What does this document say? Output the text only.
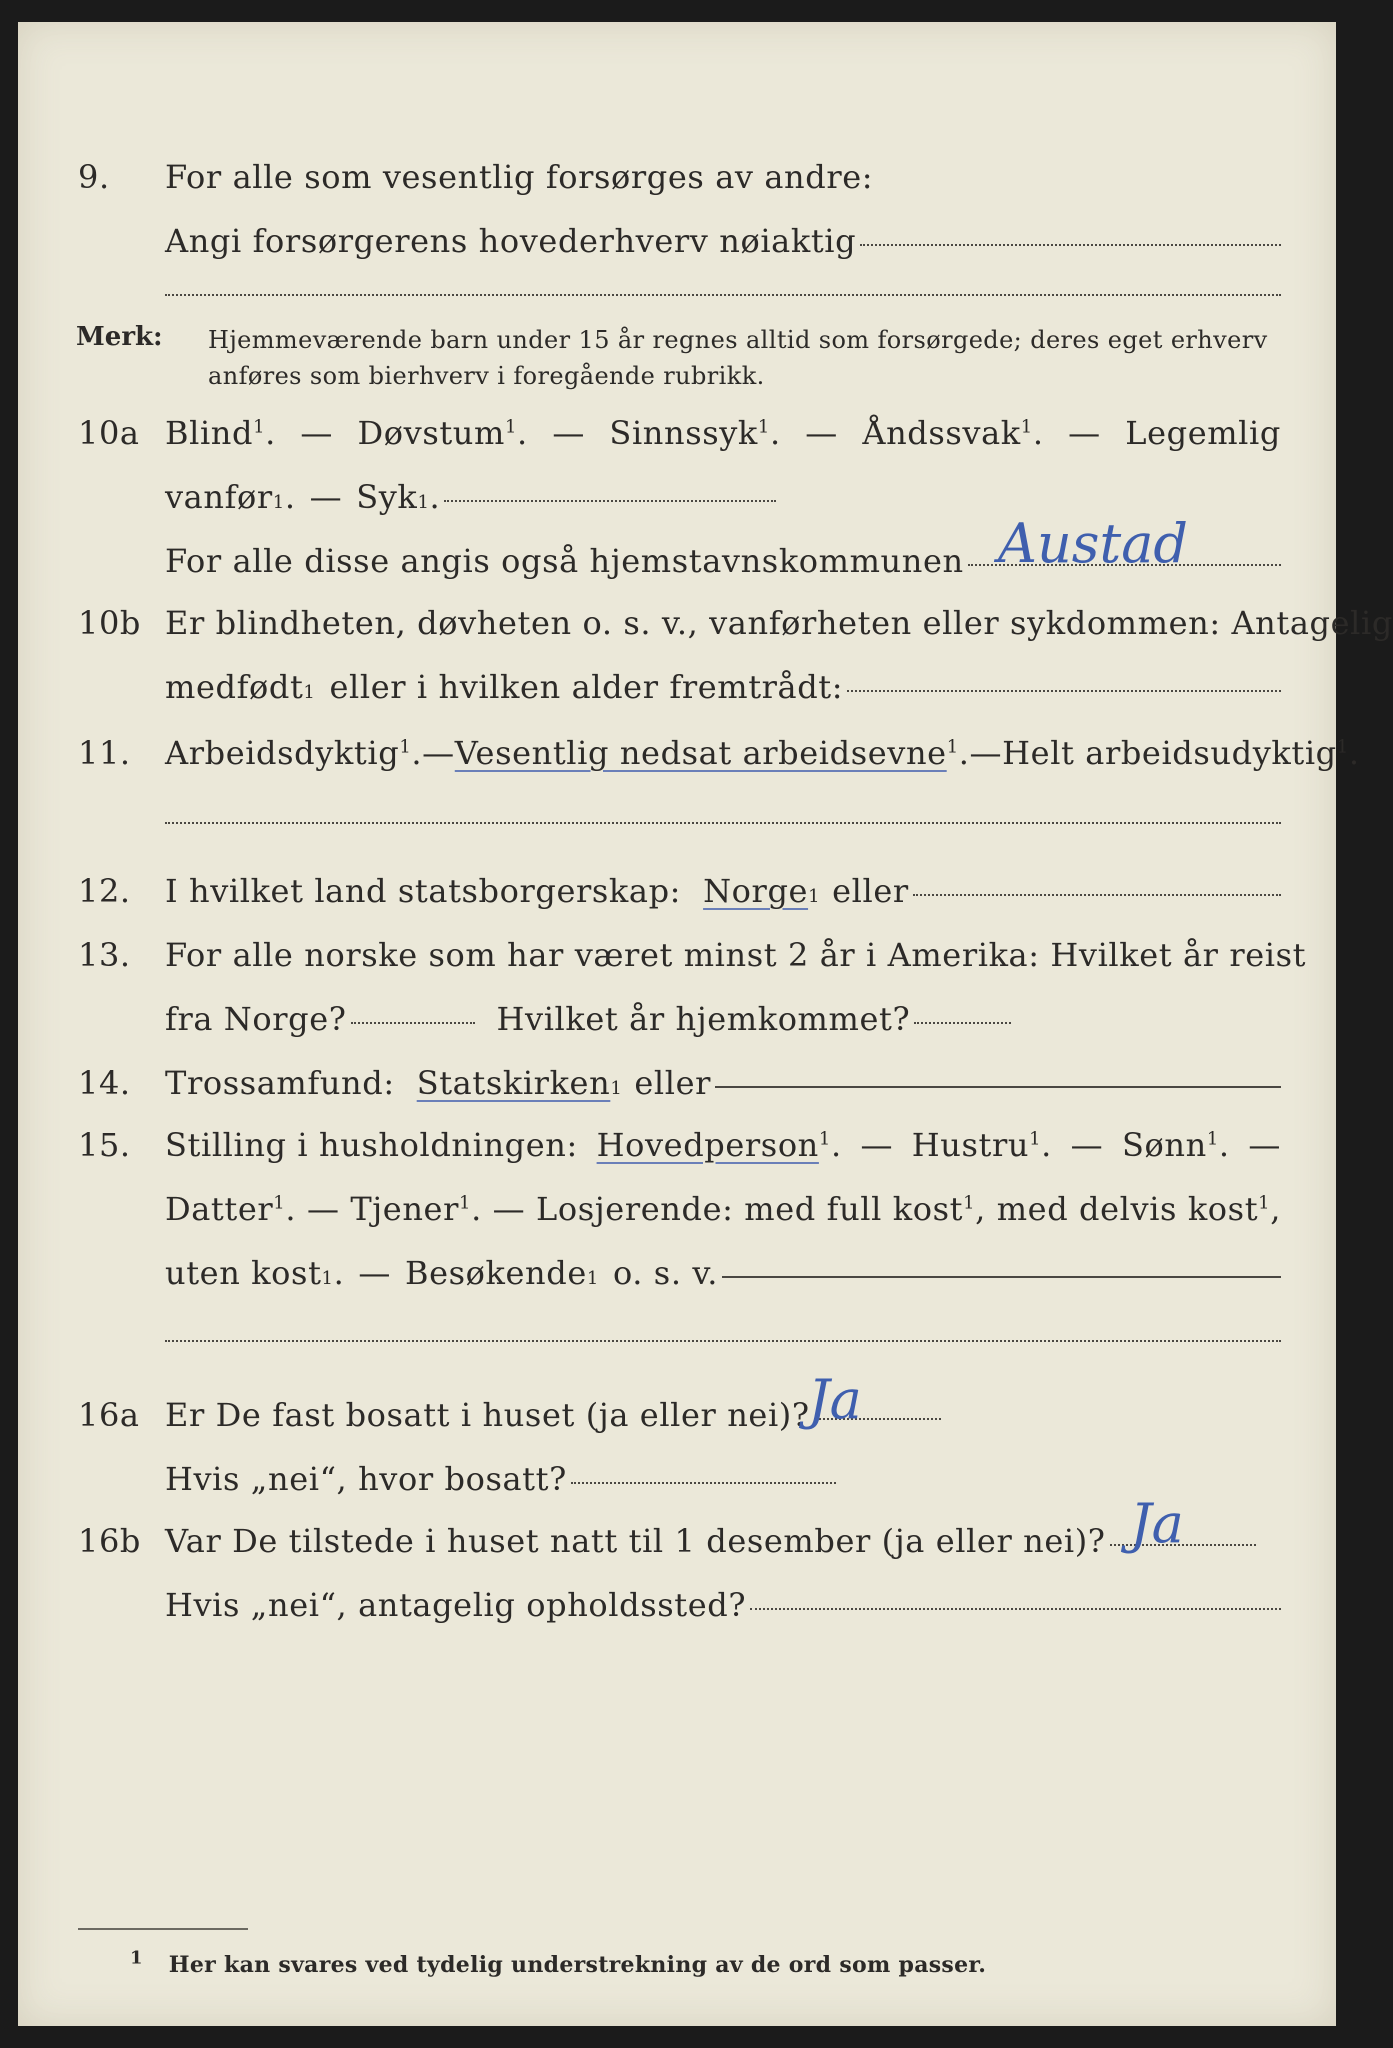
9. For alle som vesentlig forsørges av andre:
Angi forsørgerens hovederhverv nøiaktig
Merk: Hjemmeværende barn under 15 år regnes alltid som forsørgede; deres eget erhverv
anføres som bierhverv i foregående rubrikk.
10a Blind$^1$. — Døvstum$^1$. — Sinnssyk$^1$. — Åndssvak$^1$. — Legemlig
vanfør 1 . — Syk 1 .
For alle disse angis også hjemstavnskommunen Austad
10b Er blindheten, døvheten o. s. v., vanførheten eller sykdommen: Antagelig
medfødt 1 eller i hvilken alder fremtrådt:
11. Arbeidsdyktig$^1$. — Vesentlig nedsat arbeidsevne$^1$. — Helt arbeidsudyktig$^1$.
12. I hvilket land statsborgerskap: Norge 1 eller
13. For alle norske som har været minst 2 år i Amerika: Hvilket år reist
fra Norge?	Hvilket år hjemkommet?
14. Trossamfund: Statskirken 1 eller
15. Stilling i husholdningen: Hovedperson$^1$. — Hustru$^1$. — Sønn$^1$. —
Datter$^1$. — Tjener$^1$. — Losjerende: med full kost$^1$, med delvis kost$^1$,
uten kost 1 . — Besøkende 1 o. s. v.
16a Er De fast bosatt i huset (ja eller nei)?
Ja
Hvis „nei“, hvor bosatt?
16b Var De tilstede i huset natt til 1 desember (ja eller nei)? Ja
Hvis „nei“, antagelig opholdssted?
$^1$ Her kan svares ved tydelig understrekning av de ord som passer.
